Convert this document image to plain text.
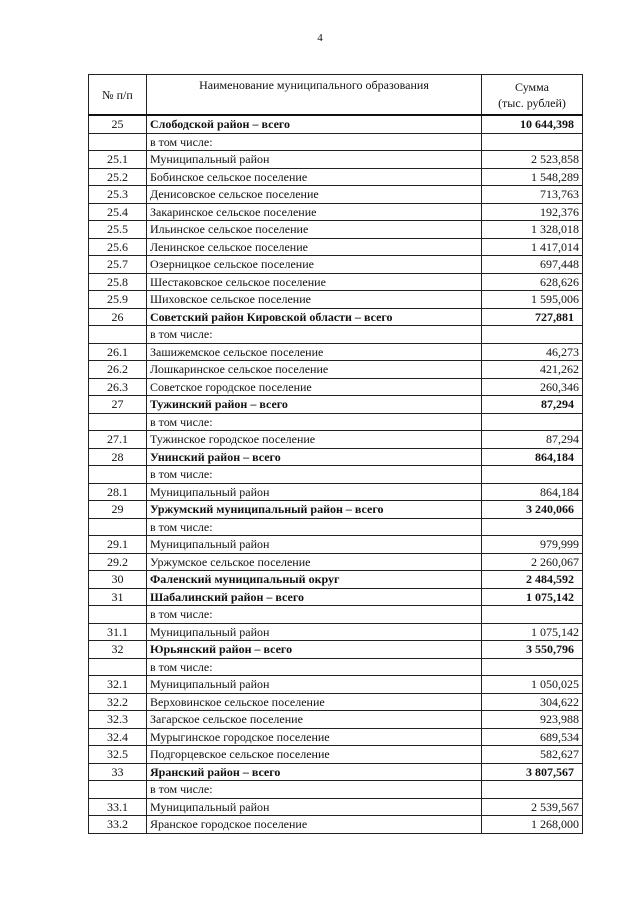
4
№ п/п	Наименование муниципального образования	Сумма
(тыс. рублей)

25	Слободской район – всего	10 644,398
	в том числе:	
25.1	Муниципальный район	2 523,858
25.2	Бобинское сельское поселение	1 548,289
25.3	Денисовское сельское поселение	713,763
25.4	Закаринское сельское поселение	192,376
25.5	Ильинское сельское поселение	1 328,018
25.6	Ленинское сельское поселение	1 417,014
25.7	Озерницкое сельское поселение	697,448
25.8	Шестаковское сельское поселение	628,626
25.9	Шиховское сельское поселение	1 595,006
26	Советский район Кировской области – всего	727,881
	в том числе:	
26.1	Зашижемское сельское поселение	46,273
26.2	Лошкаринское сельское поселение	421,262
26.3	Советское городское поселение	260,346
27	Тужинский район – всего	87,294
	в том числе:	
27.1	Тужинское городское поселение	87,294
28	Унинский район – всего	864,184
	в том числе:	
28.1	Муниципальный район	864,184
29	Уржумский муниципальный район – всего	3 240,066
	в том числе:	
29.1	Муниципальный район	979,999
29.2	Уржумское сельское поселение	2 260,067
30	Фаленский муниципальный округ	2 484,592
31	Шабалинский район – всего	1 075,142
	в том числе:	
31.1	Муниципальный район	1 075,142
32	Юрьянский район – всего	3 550,796
	в том числе:	
32.1	Муниципальный район	1 050,025
32.2	Верховинское сельское поселение	304,622
32.3	Загарское сельское поселение	923,988
32.4	Мурыгинское городское поселение	689,534
32.5	Подгорцевское сельское поселение	582,627
33	Яранский район – всего	3 807,567
	в том числе:	
33.1	Муниципальный район	2 539,567
33.2	Яранское городское поселение	1 268,000
